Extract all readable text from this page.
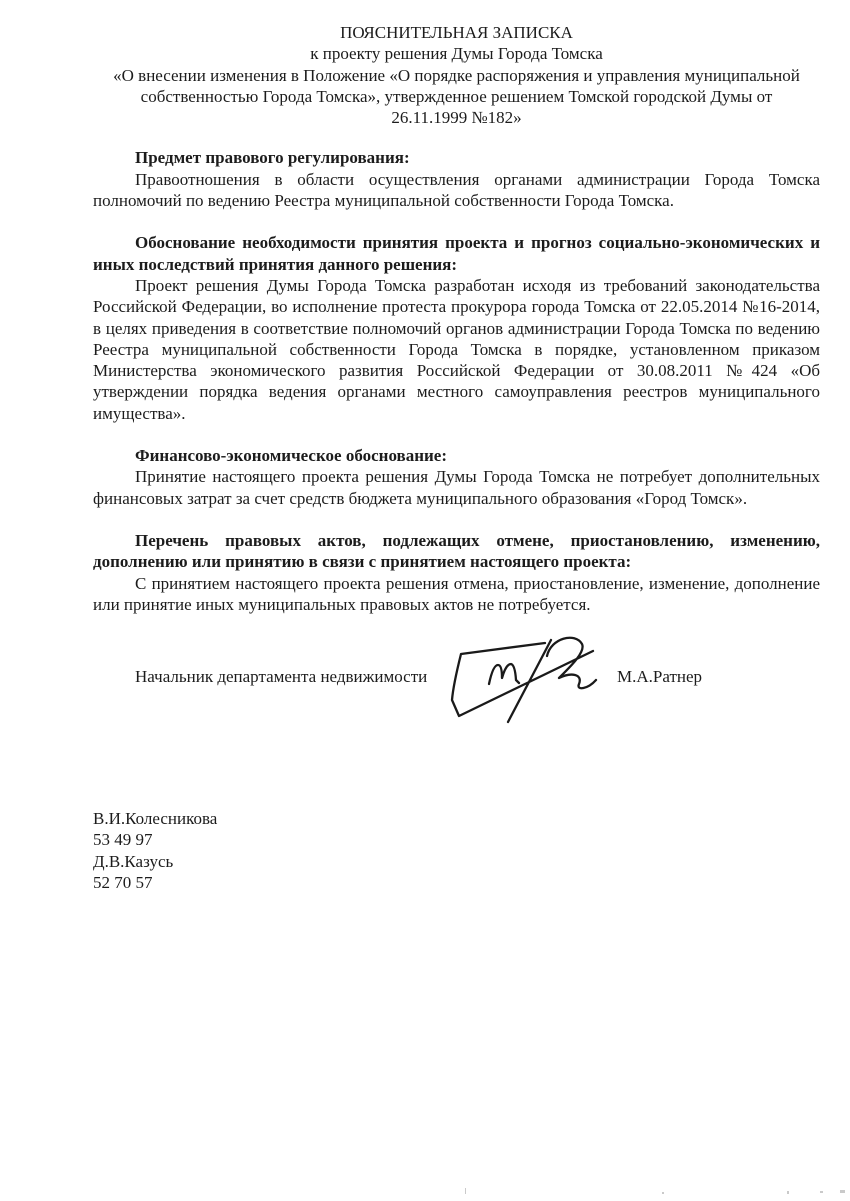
ПОЯСНИТЕЛЬНАЯ ЗАПИСКА
к проекту решения Думы Города Томска
«О внесении изменения в Положение «О порядке распоряжения и управления муниципальной
собственностью Города Томска», утвержденное решением Томской городской Думы от
26.11.1999 №182»

Предмет правового регулирования:

Правоотношения в области осуществления органами администрации Города Томска полномочий по ведению Реестра муниципальной собственности Города Томска.

Обоснование необходимости принятия проекта и прогноз социально-экономических и иных последствий принятия данного решения:

Проект решения Думы Города Томска разработан исходя из требований законодательства Российской Федерации, во исполнение протеста прокурора города Томска от 22.05.2014 №16-2014, в целях приведения в соответствие полномочий органов администрации Города Томска по ведению Реестра муниципальной собственности Города Томска в порядке, установленном приказом Министерства экономического развития Российской Федерации от 30.08.2011 №424 «Об утверждении порядка ведения органами местного самоуправления реестров муниципального имущества».

Финансово-экономическое обоснование:

Принятие настоящего проекта решения Думы Города Томска не потребует дополнительных финансовых затрат за счет средств бюджета муниципального образования «Город Томск».

Перечень правовых актов, подлежащих отмене, приостановлению, изменению, дополнению или принятию в связи с принятием настоящего проекта:

С принятием настоящего проекта решения отмена, приостановление, изменение, дополнение или принятие иных муниципальных правовых актов не потребуется.

Начальник департамента недвижимости	М.А.Ратнер
В.И.Колесникова
53 49 97
Д.В.Казусь
52 70 57
